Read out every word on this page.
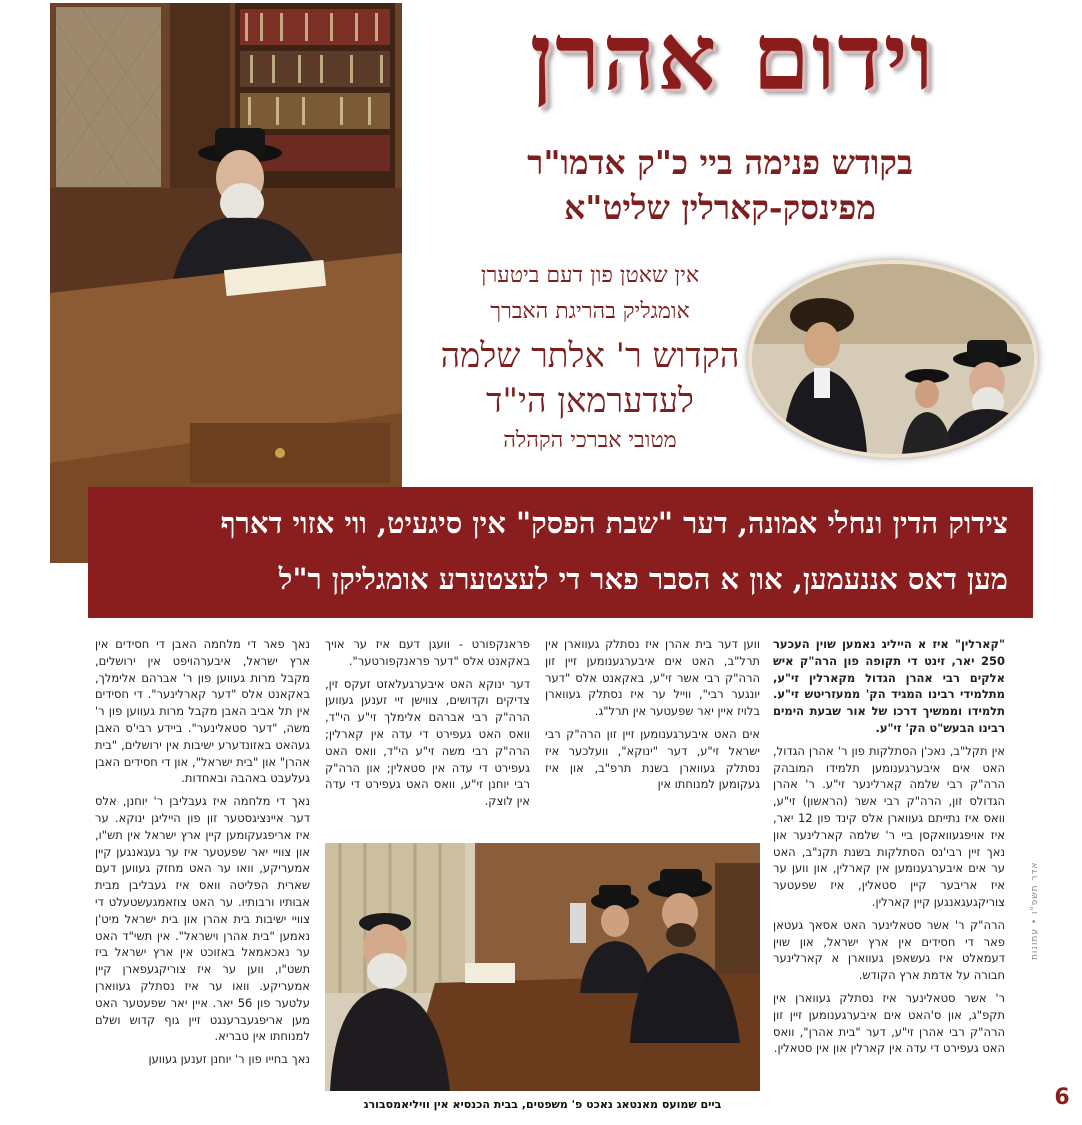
וידום אהרן
בקודש פנימה ביי כ"ק אדמו"ר
מפינסק-קארלין שליט"א
אין שאטן פון דעם ביטערן
אומגליק בהריגת האברך
הקדוש ר' אלתר שלמה
לעדערמאן הי"ד
מטובי אברכי הקהלה
צידוק הדין ונחלי אמונה, דער "שבת הפסק" אין סיגעיט, ווי אזוי דארף
מען דאס אננעמען, און א הסבר פאר די לעצטערע אומגליקן ר"ל

"קארלין" איז א הייליג נאמען שוין העכער 250 יאר, זינט די תקופה פון הרה"ק איש אלקים רבי אהרן הגדול מקארלין זי"ע, מתלמידי רבינו המגיד הק' ממעזריטש זי"ע. תלמידו וממשיך דרכו של אור שבעת הימים רבינו הבעש"ט הק' זי"ע.

אין תקל"ב, נאכ'ן הסתלקות פון ר' אהרן הגדול, האט אים איבערגענומען תלמידו המובהק הרה"ק רבי שלמה קארלינער זי"ע. ר' אהרן הגדולס זון, הרה"ק רבי אשר (הראשון) זי"ע, וואס איז נתייתם געווארן אלס קינד פון 12 יאר, איז אויפגעוואקסן ביי ר' שלמה קארלינער און נאך זיין רבי'נס הסתלקות בשנת תקנ"ב, האט ער אים איבערגענומען אין קארלין, און ווען ער איז אריבער קיין סטאלין, איז שפעטער צוריקגעגאנגען קיין קארלין.

הרה"ק ר' אשר סטאלינער האט אסאך געטאן פאר די חסידים אין ארץ ישראל, און שוין דעמאלט איז געשאפן געווארן א קארלינער חבורה על אדמת ארץ הקודש.

ר' אשר סטאלינער איז נסתלק געווארן אין תקפ"ג, און ס'האט אים איבערגענומען זיין זון הרה"ק רבי אהרן זי"ע, דער "בית אהרן", וואס האט געפירט די עדה אין קארלין און אין סטאלין.

ווען דער בית אהרן איז נסתלק געווארן אין תרל"ב, האט אים איבערגענומען זיין זון הרה"ק רבי אשר זי"ע, באקאנט אלס "דער יונגער רבי", ווייל ער איז נסתלק געווארן בלויז איין יאר שפעטער אין תרל"ג.

אים האט איבערגענומען זיין זון הרה"ק רבי ישראל זי"ע, דער "ינוקא", וועלכער איז נסתלק געווארן בשנת תרפ"ב, און איז געקומען למנוחתו אין

פראנקפורט - וועגן דעם איז ער אויך באקאנט אלס "דער פראנקפורטער".

דער ינוקא האט איבערגעלאזט זעקס זין, צדיקים וקדושים, צווישן זיי זענען געווען הרה"ק רבי אברהם אלימלך זי"ע הי"ד, וואס האט געפירט די עדה אין קארלין; הרה"ק רבי משה זי"ע הי"ד, וואס האט געפירט די עדה אין סטאלין; און הרה"ק רבי יוחנן זי"ע, וואס האט געפירט די עדה אין לוצק.

נאך פאר די מלחמה האבן די חסידים אין ארץ ישראל, איבערהויפט אין ירושלים, מקבל מרות געווען פון ר' אברהם אלימלך, באקאנט אלס "דער קארלינער". די חסידים אין תל אביב האבן מקבל מרות געווען פון ר' משה, "דער סטאלינער". ביידע רבי'ס האבן געהאט באזונדערע ישיבות אין ירושלים, "בית אהרן" און "בית ישראל", און די חסידים האבן געלעבט באהבה ובאחדות.

נאך די מלחמה איז געבליבן ר' יוחנן, אלס דער איינציגסטער זון פון הייליגן ינוקא. ער איז אריפגעקומען קיין ארץ ישראל אין תש"ו, און צוויי יאר שפעטער איז ער געגאנגען קיין אמעריקע, וואו ער האט מחזק געווען דעם שארית הפליטה וואס איז געבליבן מבית אבותיו ורבותיו. ער האט צוזאמגעשטעלט די צוויי ישיבות בית אהרן און בית ישראל מיט'ן נאמען "בית אהרן וישראל". אין תשי"ד האט ער נאכאמאל באזוכט אין ארץ ישראל ביז תשט"ו, ווען ער איז צוריקגעפארן קיין אמעריקע. וואו ער איז נסתלק געווארן עלטער פון 56 יאר. איין יאר שפעטער האט מען אריפגעברענגט זיין גוף קדוש ושלם למנוחתו אין טבריא.

נאך בחייו פון ר' יוחנן זענען געווען

ביים שמועס מאנטאג נאכט פ' משפטים, בבית הכנסיא אין וויליאמסבורג
אדר תשפ"ו • עתונות
6
